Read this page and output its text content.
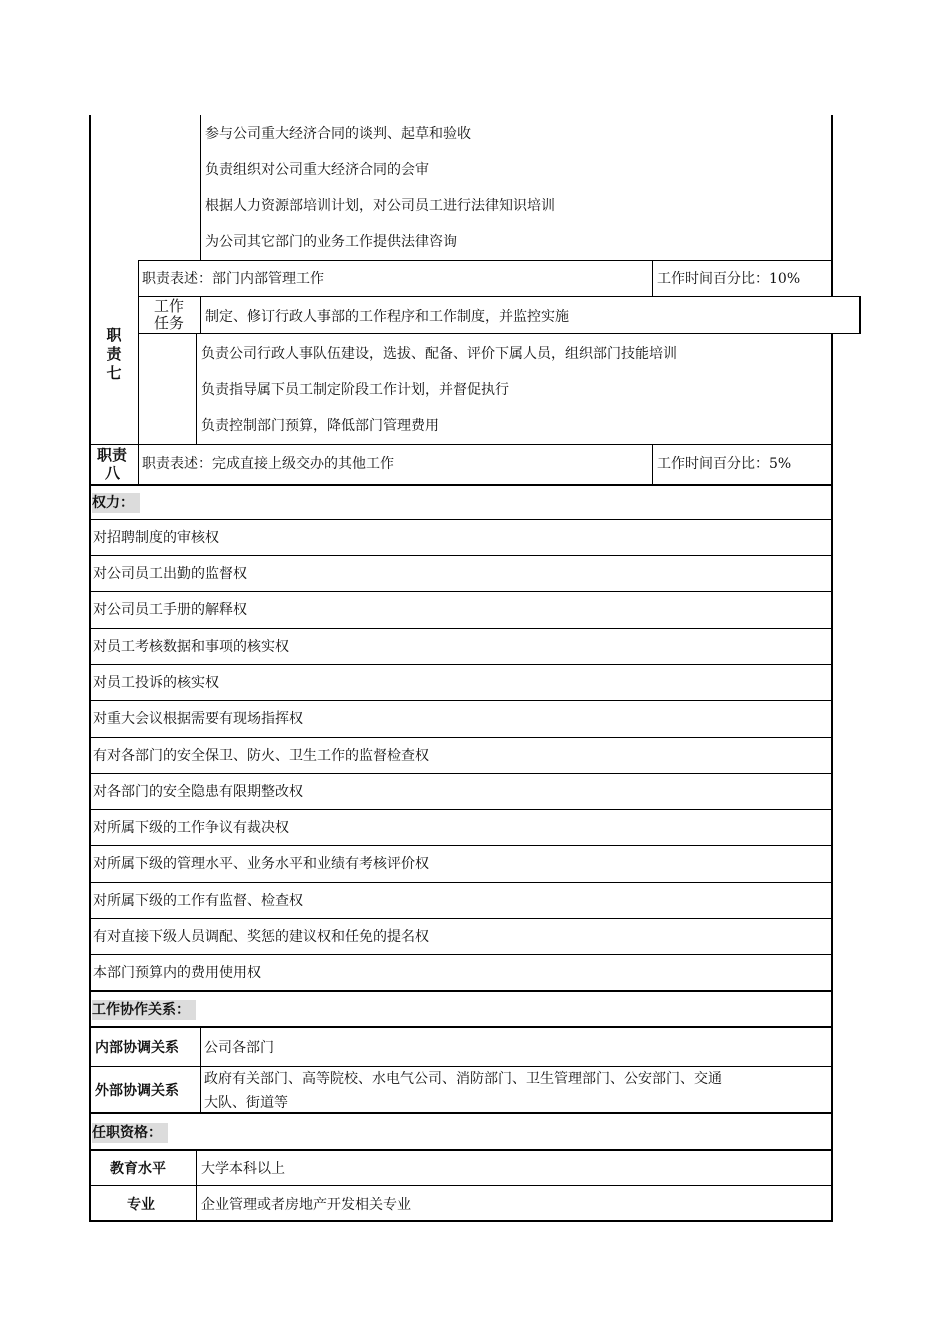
职责七
参与公司重大经济合同的谈判、起草和验收
负责组织对公司重大经济合同的会审
根据人力资源部培训计划，对公司员工进行法律知识培训
为公司其它部门的业务工作提供法律咨询
职责表述：部门内部管理工作	工作时间百分比：10%
工作
任务 制定、修订行政人事部的工作程序和工作制度，并监控实施
负责公司行政人事队伍建设，选拔、配备、评价下属人员，组织部门技能培训
负责指导属下员工制定阶段工作计划，并督促执行
负责控制部门预算，降低部门管理费用
职责
八 职责表述：完成直接上级交办的其他工作	工作时间百分比：5%
权力：
对招聘制度的审核权
对公司员工出勤的监督权
对公司员工手册的解释权
对员工考核数据和事项的核实权
对员工投诉的核实权
对重大会议根据需要有现场指挥权
有对各部门的安全保卫、防火、卫生工作的监督检查权
对各部门的安全隐患有限期整改权
对所属下级的工作争议有裁决权
对所属下级的管理水平、业务水平和业绩有考核评价权
对所属下级的工作有监督、检查权
有对直接下级人员调配、奖惩的建议权和任免的提名权
本部门预算内的费用使用权
工作协作关系：
内部协调关系 公司各部门
外部协调关系
政府有关部门、高等院校、水电气公司、消防部门、卫生管理部门、公安部门、交通
大队、街道等
任职资格：
教育水平	大学本科以上
专业	企业管理或者房地产开发相关专业
